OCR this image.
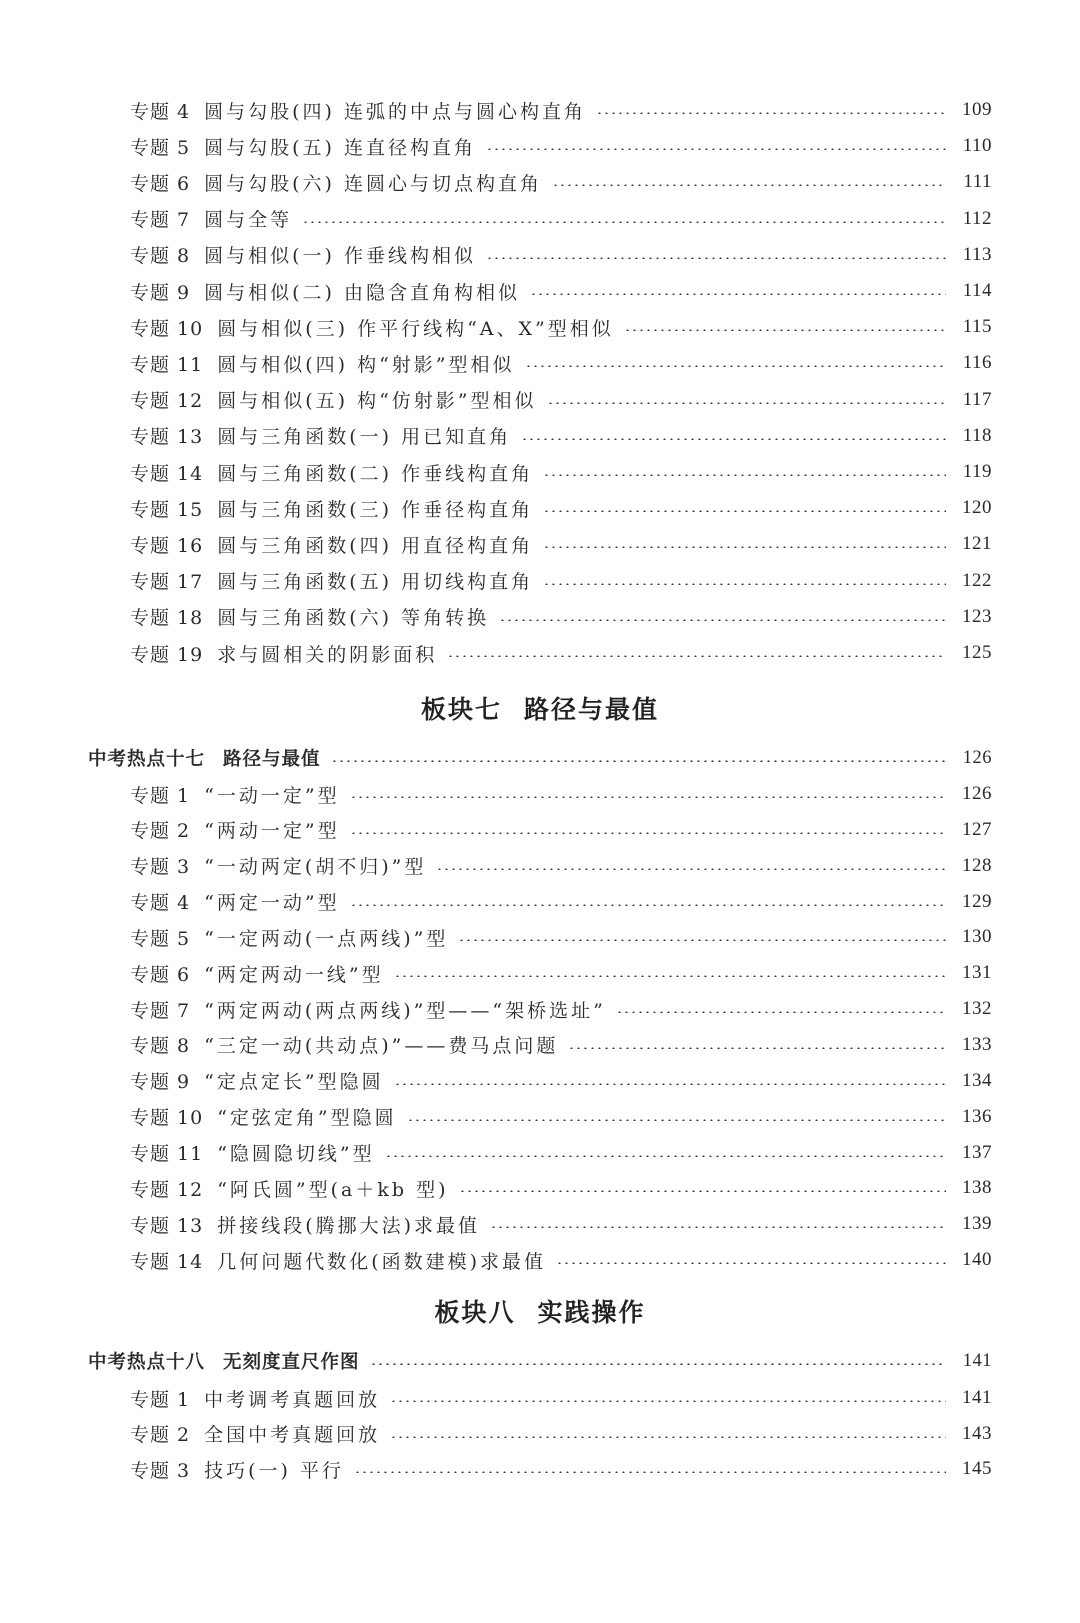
专题 4 圆与勾股(四) 连弧的中点与圆心构直角	109
专题 5 圆与勾股(五) 连直径构直角	110
专题 6 圆与勾股(六) 连圆心与切点构直角	111
专题 7 圆与全等	112
专题 8 圆与相似(一) 作垂线构相似	113
专题 9 圆与相似(二) 由隐含直角构相似	114
专题 10 圆与相似(三) 作平行线构“A、X”型相似	115
专题 11 圆与相似(四) 构“射影”型相似	116
专题 12 圆与相似(五) 构“仿射影”型相似	117
专题 13 圆与三角函数(一) 用已知直角	118
专题 14 圆与三角函数(二) 作垂线构直角	119
专题 15 圆与三角函数(三) 作垂径构直角	120
专题 16 圆与三角函数(四) 用直径构直角	121
专题 17 圆与三角函数(五) 用切线构直角	122
专题 18 圆与三角函数(六) 等角转换	123
专题 19 求与圆相关的阴影面积	125
板块七 路径与最值
中考热点十七 路径与最值	126
专题 1 “一动一定”型	126
专题 2 “两动一定”型	127
专题 3 “一动两定(胡不归)”型	128
专题 4 “两定一动”型	129
专题 5 “一定两动(一点两线)”型	130
专题 6 “两定两动一线”型	131
专题 7 “两定两动(两点两线)”型——“架桥选址”	132
专题 8 “三定一动(共动点)”——费马点问题	133
专题 9 “定点定长”型隐圆	134
专题 10 “定弦定角”型隐圆	136
专题 11 “隐圆隐切线”型	137
专题 12 “阿氏圆”型(a＋kb 型)	138
专题 13 拼接线段(腾挪大法)求最值	139
专题 14 几何问题代数化(函数建模)求最值	140
板块八 实践操作
中考热点十八 无刻度直尺作图	141
专题 1 中考调考真题回放	141
专题 2 全国中考真题回放	143
专题 3 技巧(一) 平行	145
